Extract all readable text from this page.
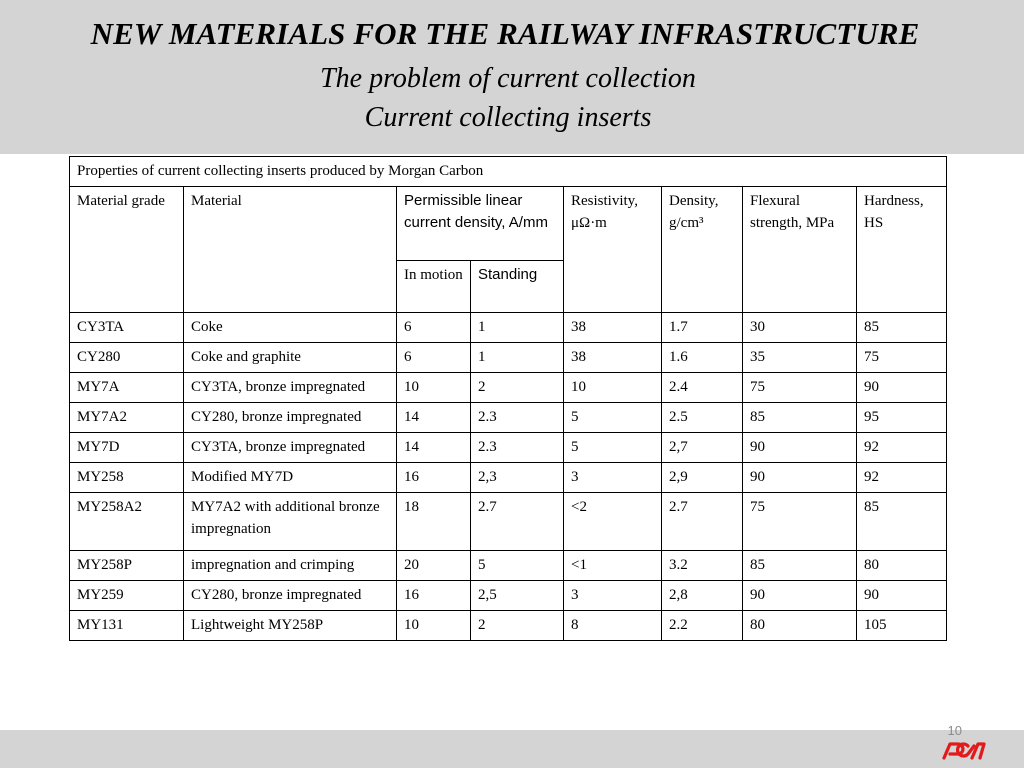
NEW MATERIALS FOR THE RAILWAY INFRASTRUCTURE
The problem of current collection
Current collecting inserts
Properties of current collecting inserts produced by Morgan Carbon							
Material grade	Material	Permissible linear current density, A/mm		Resistivity, μΩ·m	Density, g/cm³	Flexural strength, MPa	Hardness, HS
		In motion	Standing				
CY3TA	Coke	6	1	38	1.7	30	85
CY280	Coke and graphite	6	1	38	1.6	35	75
MY7A	CY3TA, bronze impregnated	10	2	10	2.4	75	90
MY7A2	CY280, bronze impregnated	14	2.3	5	2.5	85	95
MY7D	CY3TA, bronze impregnated	14	2.3	5	2,7	90	92
MY258	Modified MY7D	16	2,3	3	2,9	90	92
MY258A2	MY7A2 with additional bronze impregnation	18	2.7	<2	2.7	75	85
MY258P	impregnation and crimping	20	5	<1	3.2	85	80
MY259	CY280, bronze impregnated	16	2,5	3	2,8	90	90
MY131	Lightweight MY258P	10	2	8	2.2	80	105
10
